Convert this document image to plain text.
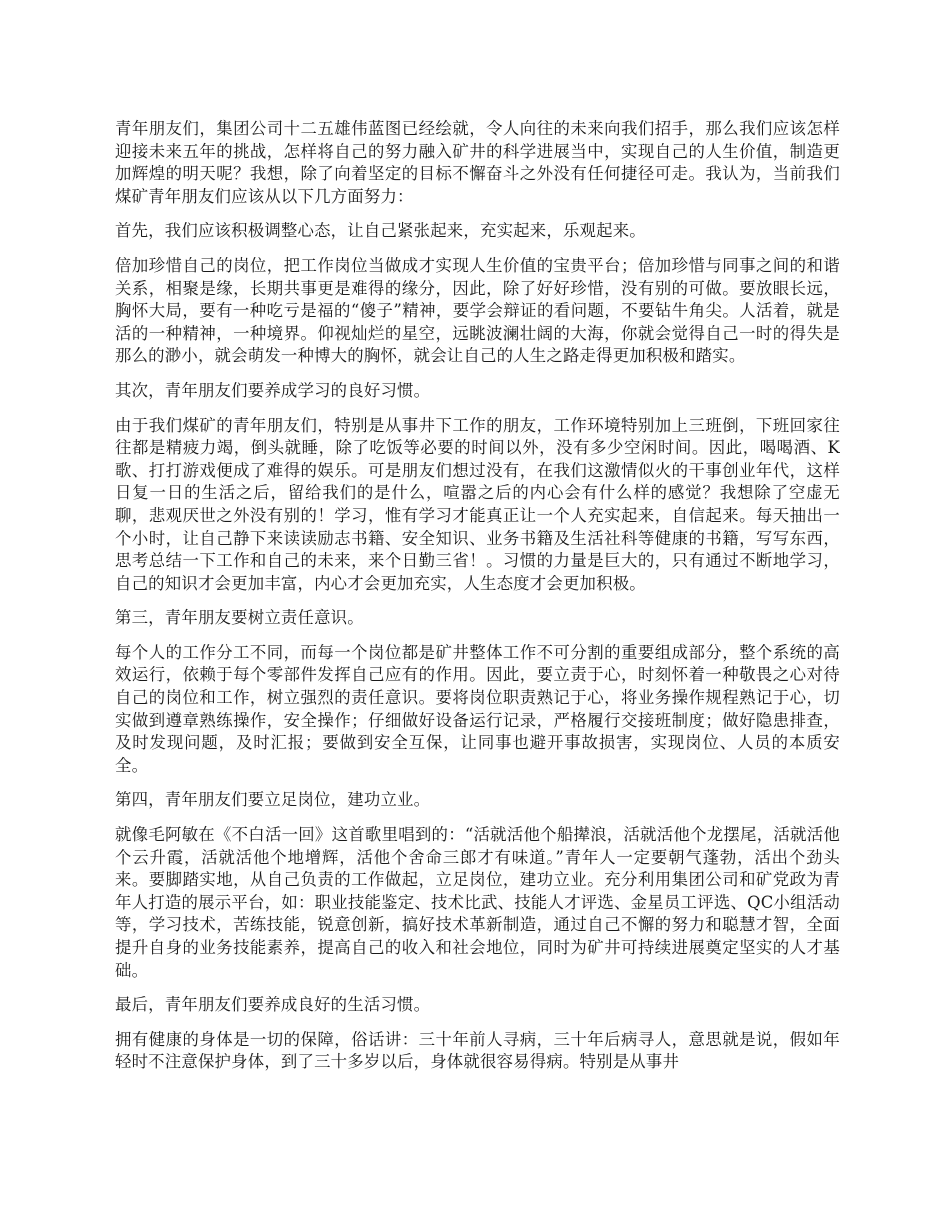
青年朋友们，集团公司十二五雄伟蓝图已经绘就，令人向往的未来向我们招手，那么我们应该怎样迎接未来五年的挑战，怎样将自己的努力融入矿井的科学进展当中，实现自己的人生价值，制造更加辉煌的明天呢？我想，除了向着坚定的目标不懈奋斗之外没有任何捷径可走。我认为，当前我们煤矿青年朋友们应该从以下几方面努力：

首先，我们应该积极调整心态，让自己紧张起来，充实起来，乐观起来。

倍加珍惜自己的岗位，把工作岗位当做成才实现人生价值的宝贵平台；倍加珍惜与同事之间的和谐关系，相聚是缘，长期共事更是难得的缘分，因此，除了好好珍惜，没有别的可做。要放眼长远，胸怀大局，要有一种吃亏是福的“傻子”精神，要学会辩证的看问题，不要钻牛角尖。人活着，就是活的一种精神，一种境界。仰视灿烂的星空，远眺波澜壮阔的大海，你就会觉得自己一时的得失是那么的渺小，就会萌发一种博大的胸怀，就会让自己的人生之路走得更加积极和踏实。

其次，青年朋友们要养成学习的良好习惯。

由于我们煤矿的青年朋友们，特别是从事井下工作的朋友，工作环境特别加上三班倒，下班回家往往都是精疲力竭，倒头就睡，除了吃饭等必要的时间以外，没有多少空闲时间。因此，喝喝酒、K歌、打打游戏便成了难得的娱乐。可是朋友们想过没有，在我们这激情似火的干事创业年代，这样日复一日的生活之后，留给我们的是什么，喧嚣之后的内心会有什么样的感觉？我想除了空虚无聊，悲观厌世之外没有别的！学习，惟有学习才能真正让一个人充实起来，自信起来。每天抽出一个小时，让自己静下来读读励志书籍、安全知识、业务书籍及生活社科等健康的书籍，写写东西，思考总结一下工作和自己的未来，来个日勤三省！。习惯的力量是巨大的，只有通过不断地学习，自己的知识才会更加丰富，内心才会更加充实，人生态度才会更加积极。

第三，青年朋友要树立责任意识。

每个人的工作分工不同，而每一个岗位都是矿井整体工作不可分割的重要组成部分，整个系统的高效运行，依赖于每个零部件发挥自己应有的作用。因此，要立责于心，时刻怀着一种敬畏之心对待自己的岗位和工作，树立强烈的责任意识。要将岗位职责熟记于心，将业务操作规程熟记于心，切实做到遵章熟练操作，安全操作；仔细做好设备运行记录，严格履行交接班制度；做好隐患排查，及时发现问题，及时汇报；要做到安全互保，让同事也避开事故损害，实现岗位、人员的本质安全。

第四，青年朋友们要立足岗位，建功立业。

就像毛阿敏在《不白活一回》这首歌里唱到的：“活就活他个船撵浪，活就活他个龙摆尾，活就活他个云升霞，活就活他个地增辉，活他个舍命三郎才有味道。”青年人一定要朝气蓬勃，活出个劲头来。要脚踏实地，从自己负责的工作做起，立足岗位，建功立业。充分利用集团公司和矿党政为青年人打造的展示平台，如：职业技能鉴定、技术比武、技能人才评选、金星员工评选、QC小组活动等，学习技术，苦练技能，锐意创新，搞好技术革新制造，通过自己不懈的努力和聪慧才智，全面提升自身的业务技能素养，提高自己的收入和社会地位，同时为矿井可持续进展奠定坚实的人才基础。

最后，青年朋友们要养成良好的生活习惯。

拥有健康的身体是一切的保障，俗话讲：三十年前人寻病，三十年后病寻人，意思就是说，假如年轻时不注意保护身体，到了三十多岁以后，身体就很容易得病。特别是从事井
